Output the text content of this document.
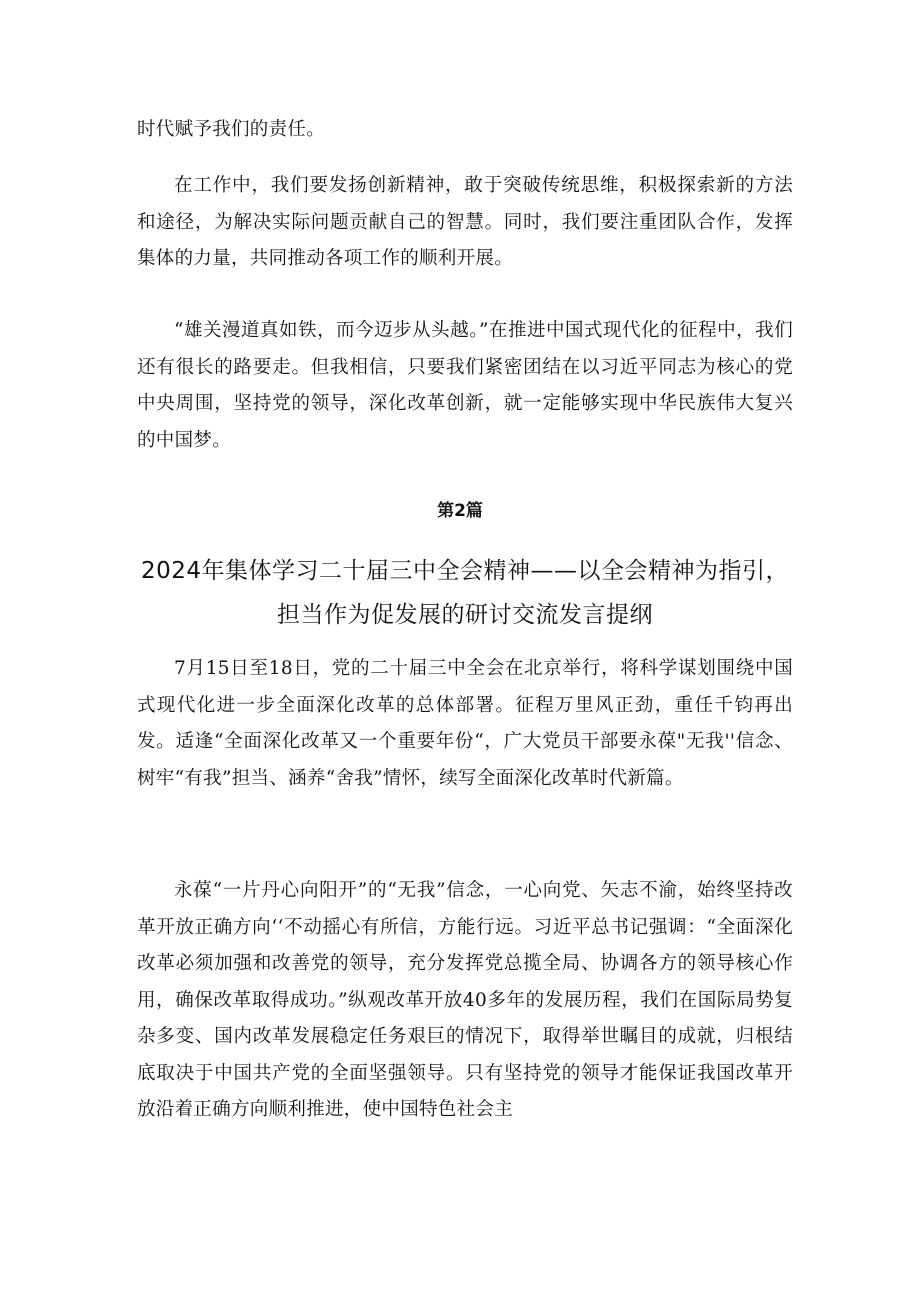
时代赋予我们的责任。

在工作中，我们要发扬创新精神，敢于突破传统思维，积极探索新的方法和途径，为解决实际问题贡献自己的智慧。同时，我们要注重团队合作，发挥集体的力量，共同推动各项工作的顺利开展。

“雄关漫道真如铁，而今迈步从头越。”在推进中国式现代化的征程中，我们还有很长的路要走。但我相信，只要我们紧密团结在以习近平同志为核心的党中央周围，坚持党的领导，深化改革创新，就一定能够实现中华民族伟大复兴的中国梦。

第2篇

2024年集体学习二十届三中全会精神——以全会精神为指引，担当作为促发展的研讨交流发言提纲

7月15日至18日，党的二十届三中全会在北京举行，将科学谋划围绕中国式现代化进一步全面深化改革的总体部署。征程万里风正劲，重任千钧再出发。适逢“全面深化改革又一个重要年份“，广大党员干部要永葆"无我''信念、树牢“有我”担当、涵养“舍我”情怀，续写全面深化改革时代新篇。

永葆“一片丹心向阳开”的“无我”信念，一心向党、矢志不渝，始终坚持改革开放正确方向‘‘不动摇心有所信，方能行远。习近平总书记强调：“全面深化改革必须加强和改善党的领导，充分发挥党总揽全局、协调各方的领导核心作用，确保改革取得成功。”纵观改革开放40多年的发展历程，我们在国际局势复杂多变、国内改革发展稳定任务艰巨的情况下，取得举世瞩目的成就，归根结底取决于中国共产党的全面坚强领导。只有坚持党的领导才能保证我国改革开放沿着正确方向顺利推进，使中国特色社会主
